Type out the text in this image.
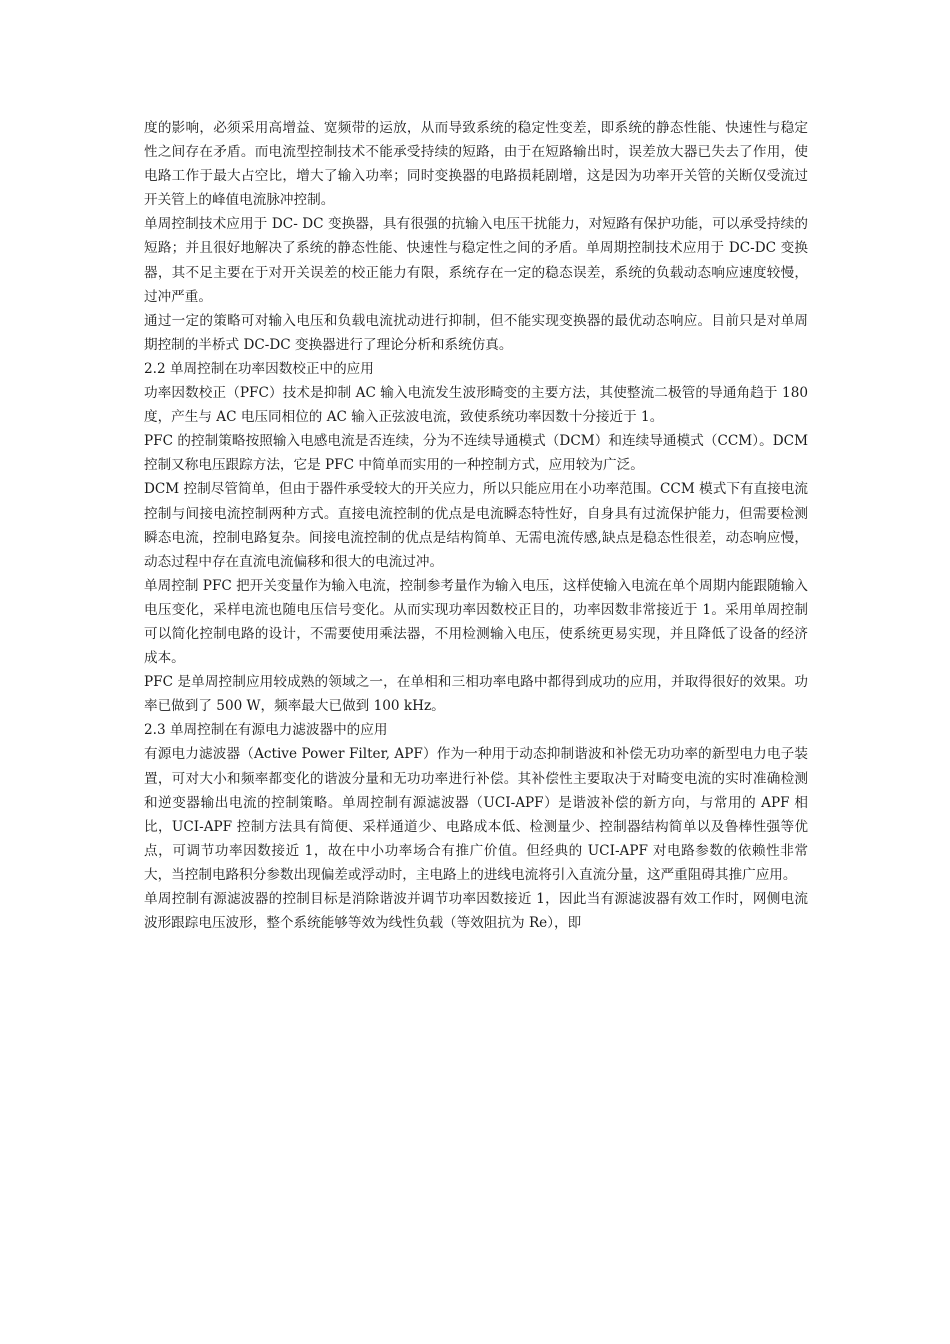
度的影响，必须采用高增益、宽频带的运放，从而导致系统的稳定性变差，即系统的静态性能、快速性与稳定性之间存在矛盾。而电流型控制技术不能承受持续的短路，由于在短路输出时，误差放大器已失去了作用，使电路工作于最大占空比，增大了输入功率；同时变换器的电路损耗剧增，这是因为功率开关管的关断仅受流过开关管上的峰值电流脉冲控制。

单周控制技术应用于 DC- DC 变换器，具有很强的抗输入电压干扰能力，对短路有保护功能，可以承受持续的短路；并且很好地解决了系统的静态性能、快速性与稳定性之间的矛盾。单周期控制技术应用于 DC-DC 变换器，其不足主要在于对开关误差的校正能力有限，系统存在一定的稳态误差，系统的负载动态响应速度较慢，过冲严重。

通过一定的策略可对输入电压和负载电流扰动进行抑制，但不能实现变换器的最优动态响应。目前只是对单周期控制的半桥式 DC-DC 变换器进行了理论分析和系统仿真。

2.2 单周控制在功率因数校正中的应用

功率因数校正（PFC）技术是抑制 AC 输入电流发生波形畸变的主要方法，其使整流二极管的导通角趋于 180 度，产生与 AC 电压同相位的 AC 输入正弦波电流，致使系统功率因数十分接近于 1。

PFC 的控制策略按照输入电感电流是否连续，分为不连续导通模式（DCM）和连续导通模式（CCM）。DCM 控制又称电压跟踪方法，它是 PFC 中简单而实用的一种控制方式，应用较为广泛。

DCM 控制尽管简单，但由于器件承受较大的开关应力，所以只能应用在小功率范围。CCM 模式下有直接电流控制与间接电流控制两种方式。直接电流控制的优点是电流瞬态特性好，自身具有过流保护能力，但需要检测瞬态电流，控制电路复杂。间接电流控制的优点是结构简单、无需电流传感,缺点是稳态性很差，动态响应慢，动态过程中存在直流电流偏移和很大的电流过冲。

单周控制 PFC 把开关变量作为输入电流，控制参考量作为输入电压，这样使输入电流在单个周期内能跟随输入电压变化，采样电流也随电压信号变化。从而实现功率因数校正目的，功率因数非常接近于 1。采用单周控制可以简化控制电路的设计，不需要使用乘法器，不用检测输入电压，使系统更易实现，并且降低了设备的经济成本。

PFC 是单周控制应用较成熟的领域之一，在单相和三相功率电路中都得到成功的应用，并取得很好的效果。功率已做到了 500 W，频率最大已做到 100 kHz。

2.3 单周控制在有源电力滤波器中的应用

有源电力滤波器（Active Power Filter, APF）作为一种用于动态抑制谐波和补偿无功功率的新型电力电子装置，可对大小和频率都变化的谐波分量和无功功率进行补偿。其补偿性主要取决于对畸变电流的实时准确检测和逆变器输出电流的控制策略。单周控制有源滤波器（UCI-APF）是谐波补偿的新方向，与常用的 APF 相比，UCI-APF 控制方法具有简便、采样通道少、电路成本低、检测量少、控制器结构简单以及鲁棒性强等优点，可调节功率因数接近 1，故在中小功率场合有推广价值。但经典的 UCI-APF 对电路参数的依赖性非常大，当控制电路积分参数出现偏差或浮动时，主电路上的进线电流将引入直流分量，这严重阻碍其推广应用。

单周控制有源滤波器的控制目标是消除谐波并调节功率因数接近 1，因此当有源滤波器有效工作时，网侧电流波形跟踪电压波形，整个系统能够等效为线性负载（等效阻抗为 Re），即
